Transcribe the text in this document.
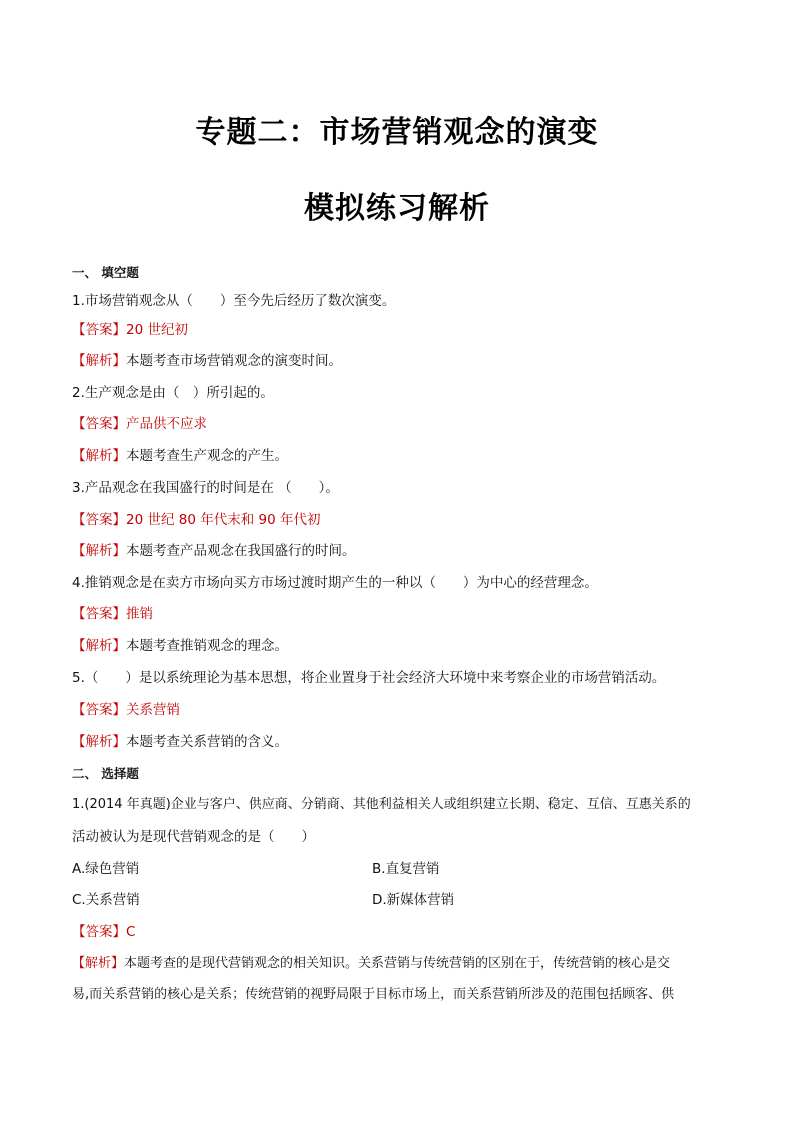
专题二：市场营销观念的演变
模拟练习解析
一、 填空题
1.市场营销观念从（　　）至今先后经历了数次演变。
【答案】20 世纪初
【解析】本题考查市场营销观念的演变时间。
2.生产观念是由（　）所引起的。
【答案】产品供不应求
【解析】本题考查生产观念的产生。
3.产品观念在我国盛行的时间是在 （　　）。
【答案】20 世纪 80 年代末和 90 年代初
【解析】本题考查产品观念在我国盛行的时间。
4.推销观念是在卖方市场向买方市场过渡时期产生的一种以（　　）为中心的经营理念。
【答案】推销
【解析】本题考查推销观念的理念。
5.（　　）是以系统理论为基本思想，将企业置身于社会经济大环境中来考察企业的市场营销活动。
【答案】关系营销
【解析】本题考查关系营销的含义。
二、 选择题
1.(2014 年真题)企业与客户、供应商、分销商、其他利益相关人或组织建立长期、稳定、互信、互惠关系的
活动被认为是现代营销观念的是（　　）
A.绿色营销	B.直复营销
C.关系营销	D.新媒体营销
【答案】C
【解析】本题考查的是现代营销观念的相关知识。关系营销与传统营销的区别在于，传统营销的核心是交
易,而关系营销的核心是关系；传统营销的视野局限于目标市场上，而关系营销所涉及的范围包括顾客、供
